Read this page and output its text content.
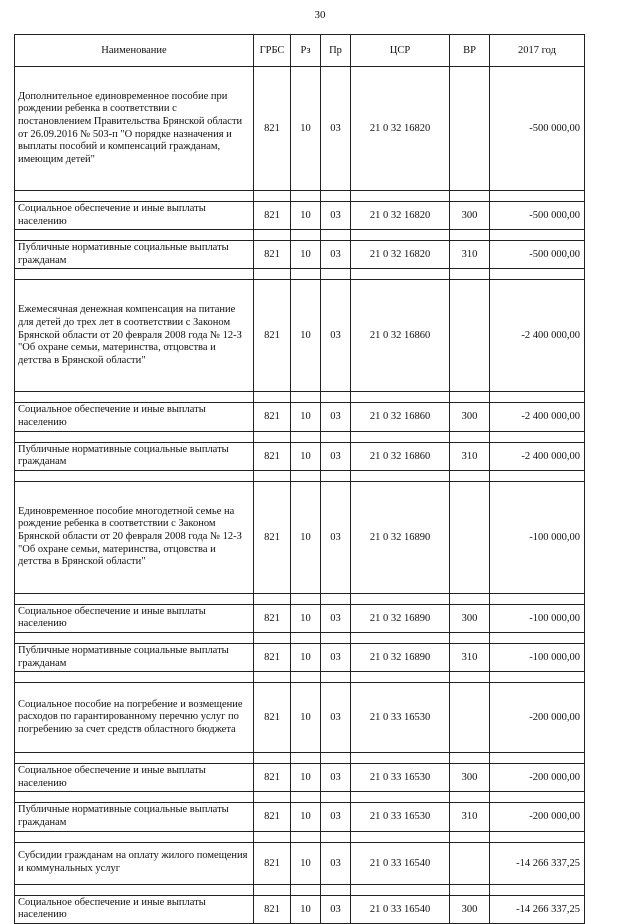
30
Наименование	ГРБС	Рз	Пр	ЦСР	ВР	2017 год
Дополнительное единовременное пособие при рождении ребенка в соответствии с постановлением Правительства Брянской области от 26.09.2016 № 503-п "О порядке назначения и выплаты пособий и компенсаций гражданам, имеющим детей"	821	10	03	21 0 32 16820		-500 000,00

Социальное обеспечение и иные выплаты населению	821	10	03	21 0 32 16820	300	-500 000,00

Публичные нормативные социальные выплаты гражданам	821	10	03	21 0 32 16820	310	-500 000,00

Ежемесячная денежная компенсация на питание для детей до трех лет в соответствии с Законом Брянской области от 20 февраля 2008 года № 12-З "Об охране семьи, материнства, отцовства и детства в Брянской области"	821	10	03	21 0 32 16860		-2 400 000,00

Социальное обеспечение и иные выплаты населению	821	10	03	21 0 32 16860	300	-2 400 000,00

Публичные нормативные социальные выплаты гражданам	821	10	03	21 0 32 16860	310	-2 400 000,00

Единовременное пособие многодетной семье на рождение ребенка в соответствии с Законом Брянской области от 20 февраля 2008 года № 12-З "Об охране семьи, материнства, отцовства и детства в Брянской области"	821	10	03	21 0 32 16890		-100 000,00

Социальное обеспечение и иные выплаты населению	821	10	03	21 0 32 16890	300	-100 000,00

Публичные нормативные социальные выплаты гражданам	821	10	03	21 0 32 16890	310	-100 000,00

Социальное пособие на погребение и возмещение расходов по гарантированному перечню услуг по погребению за счет средств областного бюджета	821	10	03	21 0 33 16530		-200 000,00

Социальное обеспечение и иные выплаты населению	821	10	03	21 0 33 16530	300	-200 000,00

Публичные нормативные социальные выплаты гражданам	821	10	03	21 0 33 16530	310	-200 000,00

Субсидии гражданам на оплату жилого помещения и коммунальных услуг	821	10	03	21 0 33 16540		-14 266 337,25

Социальное обеспечение и иные выплаты населению	821	10	03	21 0 33 16540	300	-14 266 337,25
